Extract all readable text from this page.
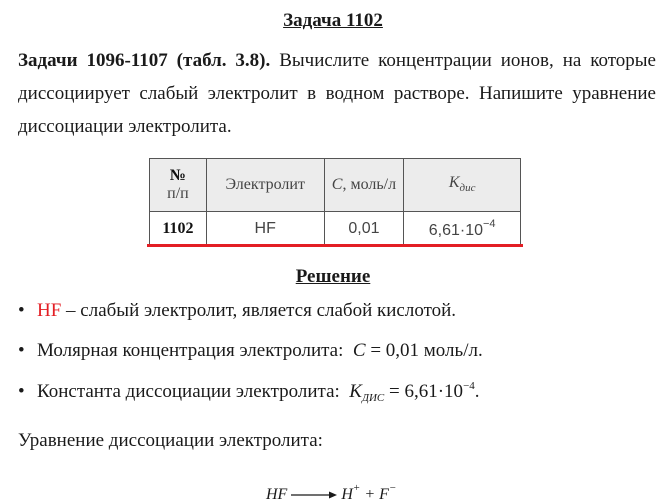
Задача 1102
Задачи 1096-1107 (табл. 3.8). Вычислите концентрации ионов, на которые диссоциирует слабый электролит в водном растворе. Напишите уравнение диссоциации электролита.
№
п/п	Электролит	C, моль/л	$K_{дис}$
1102	HF	0,01	$6,61\cdot 10^{-4}$
Решение
• HF – слабый электролит, является слабой кислотой.
• Молярная концентрация электролита: C = 0,01 моль/л.
• Константа диссоциации электролита: $K_{ДИС} = 6,61\cdot 10^{-4}$.
Уравнение диссоциации электролита:
HF → H+ + F−
